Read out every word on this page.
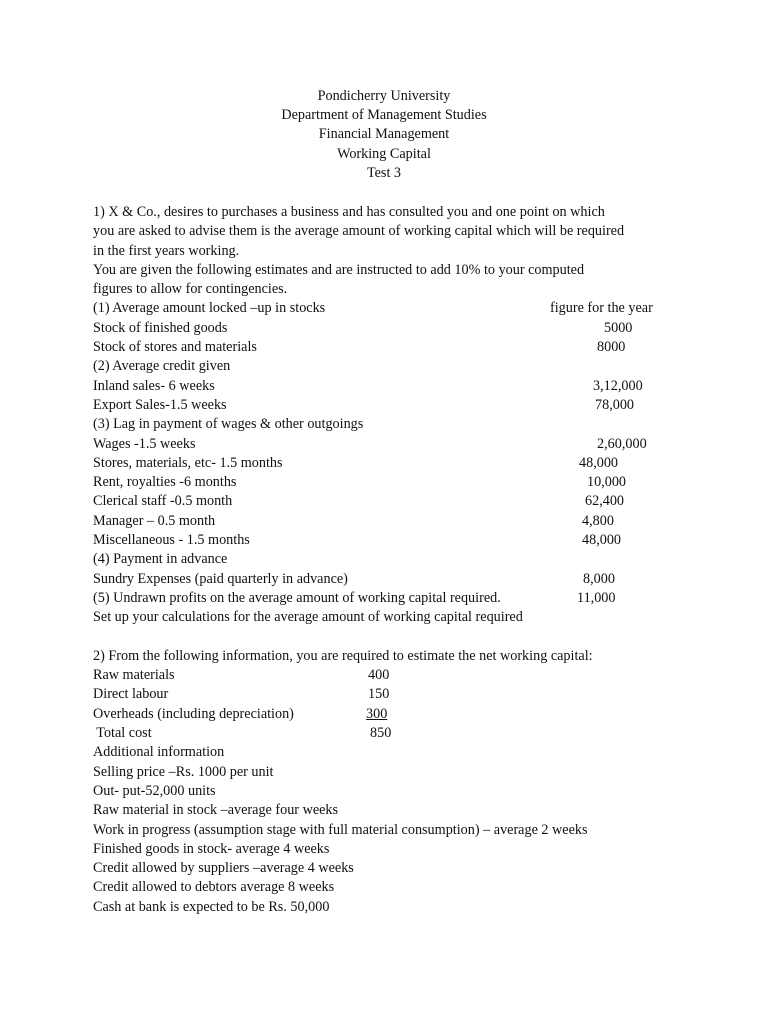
Pondicherry University
Department of Management Studies
Financial Management
Working Capital
Test 3
1) X & Co., desires to purchases a business and has consulted you and one point on which
you are asked to advise them is the average amount of working capital which will be required
in the first years working.
You are given the following estimates and are instructed to add 10% to your computed
figures to allow for contingencies.
(1) Average amount locked –up in stocks	figure for the year
Stock of finished goods	5000
Stock of stores and materials	8000
(2) Average credit given
Inland sales- 6 weeks	3,12,000
Export Sales-1.5 weeks	78,000
(3) Lag in payment of wages & other outgoings
Wages -1.5 weeks	2,60,000
Stores, materials, etc- 1.5 months	48,000
Rent, royalties -6 months	10,000
Clerical staff -0.5 month	62,400
Manager – 0.5 month	4,800
Miscellaneous - 1.5 months	48,000
(4) Payment in advance
Sundry Expenses (paid quarterly in advance)	8,000
(5) Undrawn profits on the average amount of working capital required.	11,000
Set up your calculations for the average amount of working capital required
2) From the following information, you are required to estimate the net working capital:
Raw materials	400
Direct labour	150
Overheads (including depreciation)	300
Total cost	850
Additional information
Selling price –Rs. 1000 per unit
Out- put-52,000 units
Raw material in stock –average four weeks
Work in progress (assumption stage with full material consumption) – average 2 weeks
Finished goods in stock- average 4 weeks
Credit allowed by suppliers –average 4 weeks
Credit allowed to debtors average 8 weeks
Cash at bank is expected to be Rs. 50,000
